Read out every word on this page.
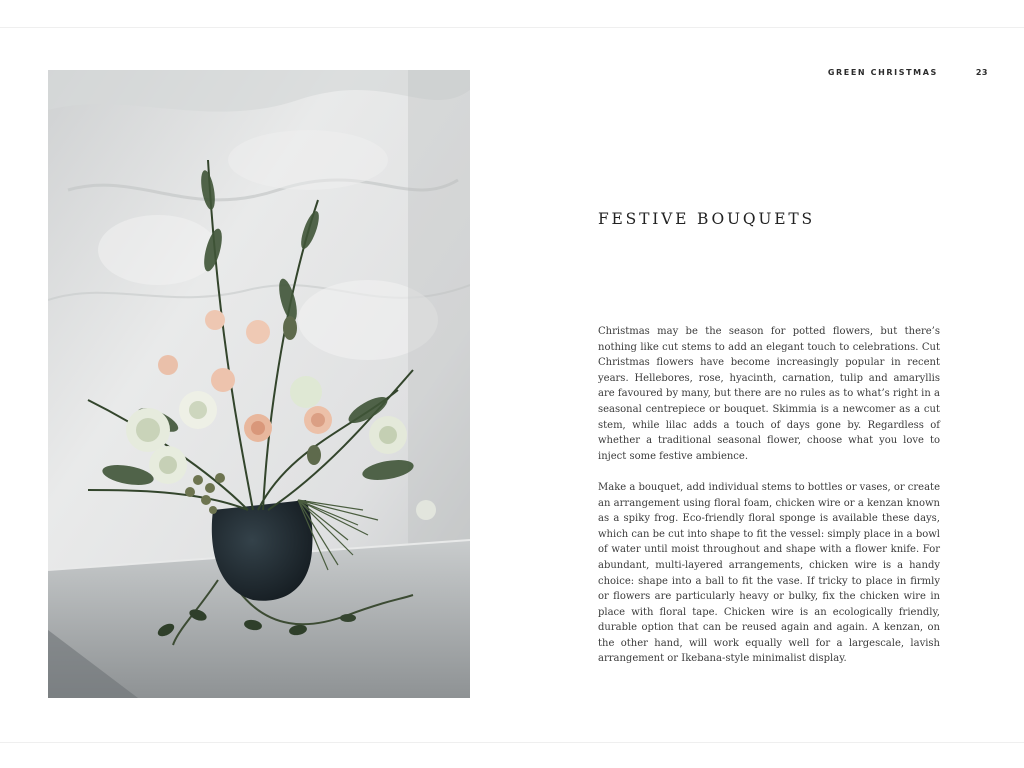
GREEN CHRISTMAS	23
FESTIVE BOUQUETS

Christmas may be the season for potted flowers, but there’s nothing like cut stems to add an elegant touch to celebrations. Cut Christmas flowers have become increasingly popular in recent years. Hellebores, rose, hyacinth, carnation, tulip and amaryllis are favoured by many, but there are no rules as to what’s right in a seasonal centrepiece or bouquet. Skimmia is a newcomer as a cut stem, while lilac adds a touch of days gone by. Regardless of whether a traditional seasonal flower, choose what you love to inject some festive ambience.

Make a bouquet, add individual stems to bottles or vases, or create an arrangement using floral foam, chicken wire or a kenzan known as a spiky frog. Eco-friendly floral sponge is available these days, which can be cut into shape to fit the vessel: simply place in a bowl of water until moist throughout and shape with a flower knife. For abundant, multi-layered arrangements, chicken wire is a handy choice: shape into a ball to fit the vase. If tricky to place in firmly or flowers are particularly heavy or bulky, fix the chicken wire in place with floral tape. Chicken wire is an ecologically friendly, durable option that can be reused again and again. A kenzan, on the other hand, will work equally well for a largescale, lavish arrangement or Ikebana-style minimalist display.
